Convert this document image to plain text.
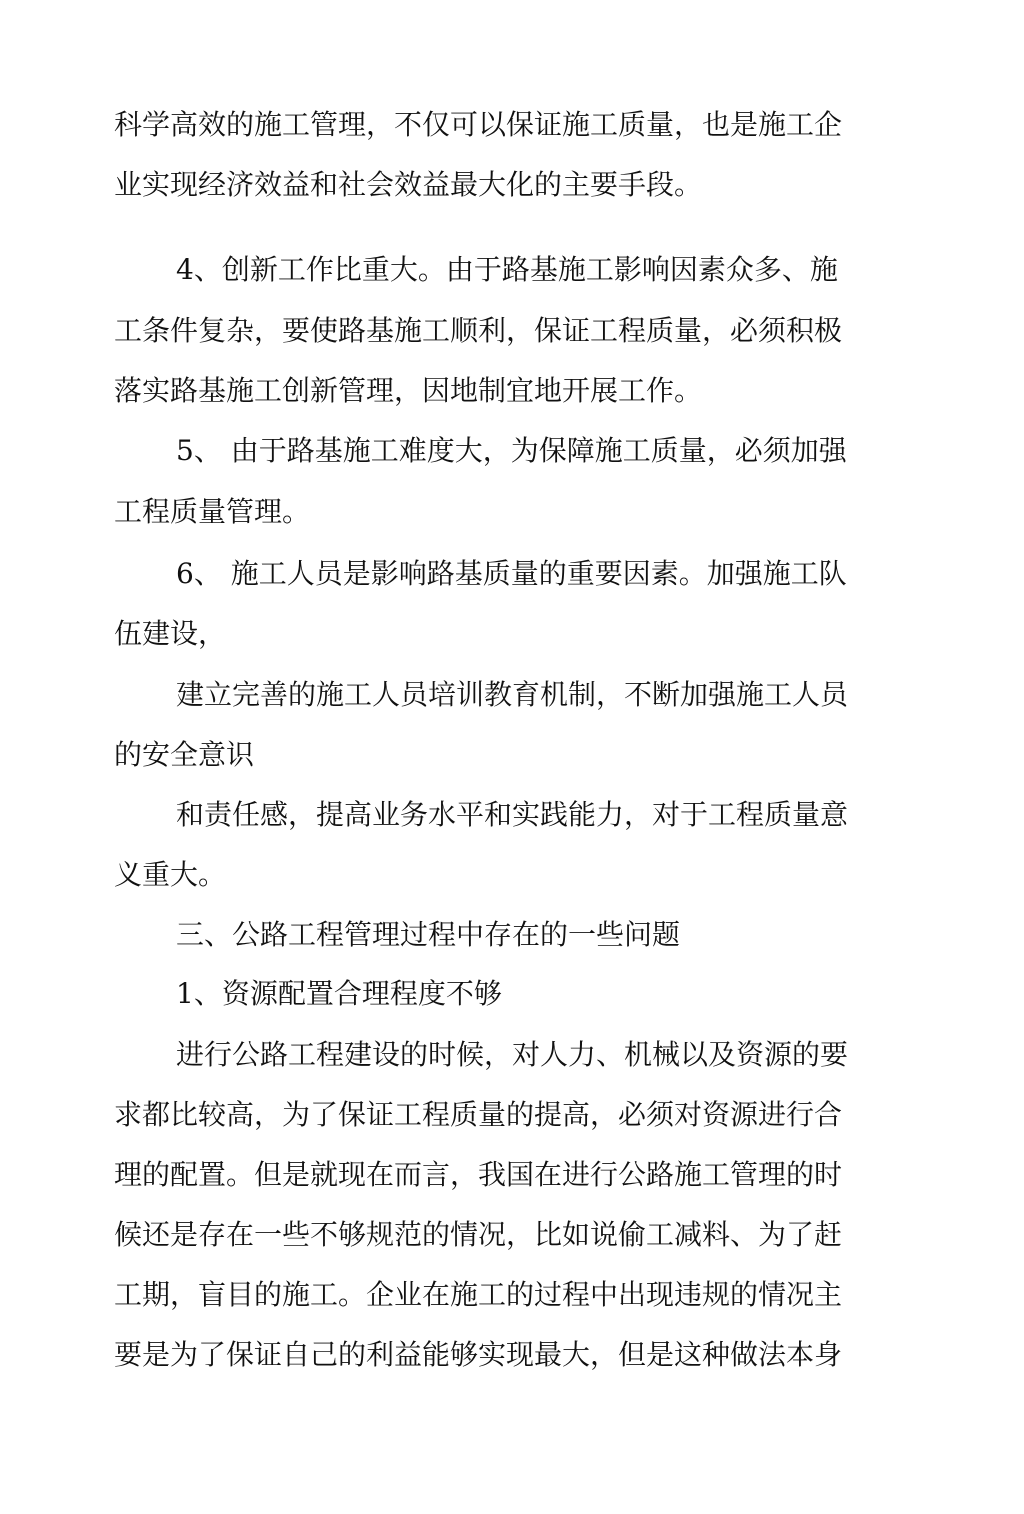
科学高效的施工管理，不仅可以保证施工质量，也是施工企
业实现经济效益和社会效益最大化的主要手段。
4、创新工作比重大。由于路基施工影响因素众多、施
工条件复杂，要使路基施工顺利，保证工程质量，必须积极
落实路基施工创新管理，因地制宜地开展工作。
5、 由于路基施工难度大，为保障施工质量，必须加强
工程质量管理。
6、 施工人员是影响路基质量的重要因素。加强施工队
伍建设，
建立完善的施工人员培训教育机制，不断加强施工人员
的安全意识
和责任感，提高业务水平和实践能力，对于工程质量意
义重大。
三、公路工程管理过程中存在的一些问题
1、资源配置合理程度不够
进行公路工程建设的时候，对人力、机械以及资源的要
求都比较高，为了保证工程质量的提高，必须对资源进行合
理的配置。但是就现在而言，我国在进行公路施工管理的时
候还是存在一些不够规范的情况，比如说偷工减料、为了赶
工期，盲目的施工。企业在施工的过程中出现违规的情况主
要是为了保证自己的利益能够实现最大，但是这种做法本身
